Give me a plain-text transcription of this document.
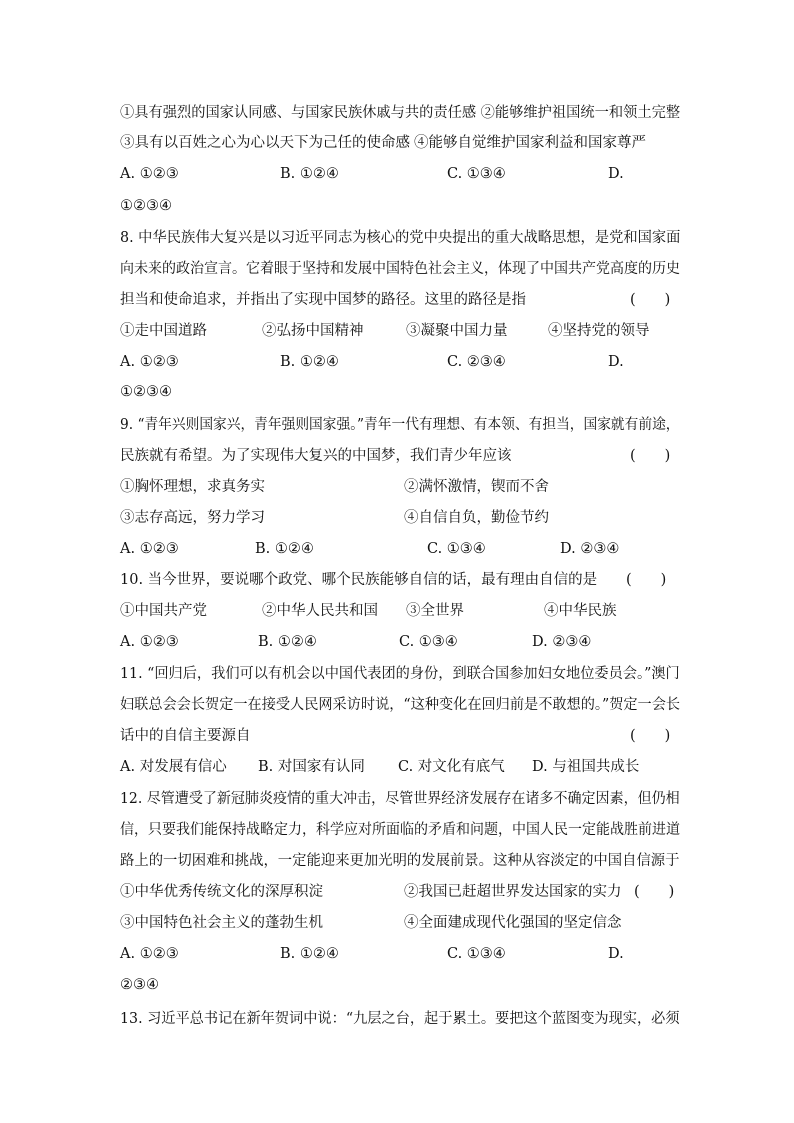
①具有强烈的国家认同感、与国家民族休戚与共的责任感 ②能够维护祖国统一和领土完整
③具有以百姓之心为心以天下为己任的使命感 ④能够自觉维护国家利益和国家尊严
A. ①②③	B. ①②④	C. ①③④	D.
①②③④
8. 中华民族伟大复兴是以习近平同志为核心的党中央提出的重大战略思想，是党和国家面
向未来的政治宣言。它着眼于坚持和发展中国特色社会主义，体现了中国共产党高度的历史
担当和使命追求，并指出了实现中国梦的路径。这里的路径是指	(　　)
①走中国道路	②弘扬中国精神	③凝聚中国力量	④坚持党的领导
A. ①②③	B. ①②④	C. ②③④	D.
①②③④
9. “青年兴则国家兴，青年强则国家强。”青年一代有理想、有本领、有担当，国家就有前途，
民族就有希望。为了实现伟大复兴的中国梦，我们青少年应该	(　　)
①胸怀理想，求真务实	②满怀激情，锲而不舍
③志存高远，努力学习	④自信自负，勤俭节约
A. ①②③	B. ①②④	C. ①③④	D. ②③④
10. 当今世界，要说哪个政党、哪个民族能够自信的话，最有理由自信的是 (　　)
①中国共产党	②中华人民共和国 ③全世界	④中华民族
A. ①②③	B. ①②④	C. ①③④	D. ②③④
11. “回归后，我们可以有机会以中国代表团的身份，到联合国参加妇女地位委员会。”澳门
妇联总会会长贺定一在接受人民网采访时说，“这种变化在回归前是不敢想的。”贺定一会长
话中的自信主要源自	(　　)
A. 对发展有信心 B. 对国家有认同 C. 对文化有底气 D. 与祖国共成长
12. 尽管遭受了新冠肺炎疫情的重大冲击，尽管世界经济发展存在诸多不确定因素，但仍相
信，只要我们能保持战略定力，科学应对所面临的矛盾和问题，中国人民一定能战胜前进道
路上的一切困难和挑战，一定能迎来更加光明的发展前景。这种从容淡定的中国自信源于
①中华优秀传统文化的深厚积淀	②我国已赶超世界发达国家的实力 (　　)
③中国特色社会主义的蓬勃生机	④全面建成现代化强国的坚定信念
A. ①②③	B. ①②④	C. ①③④	D.
②③④
13. 习近平总书记在新年贺词中说：“九层之台，起于累土。要把这个蓝图变为现实，必须
